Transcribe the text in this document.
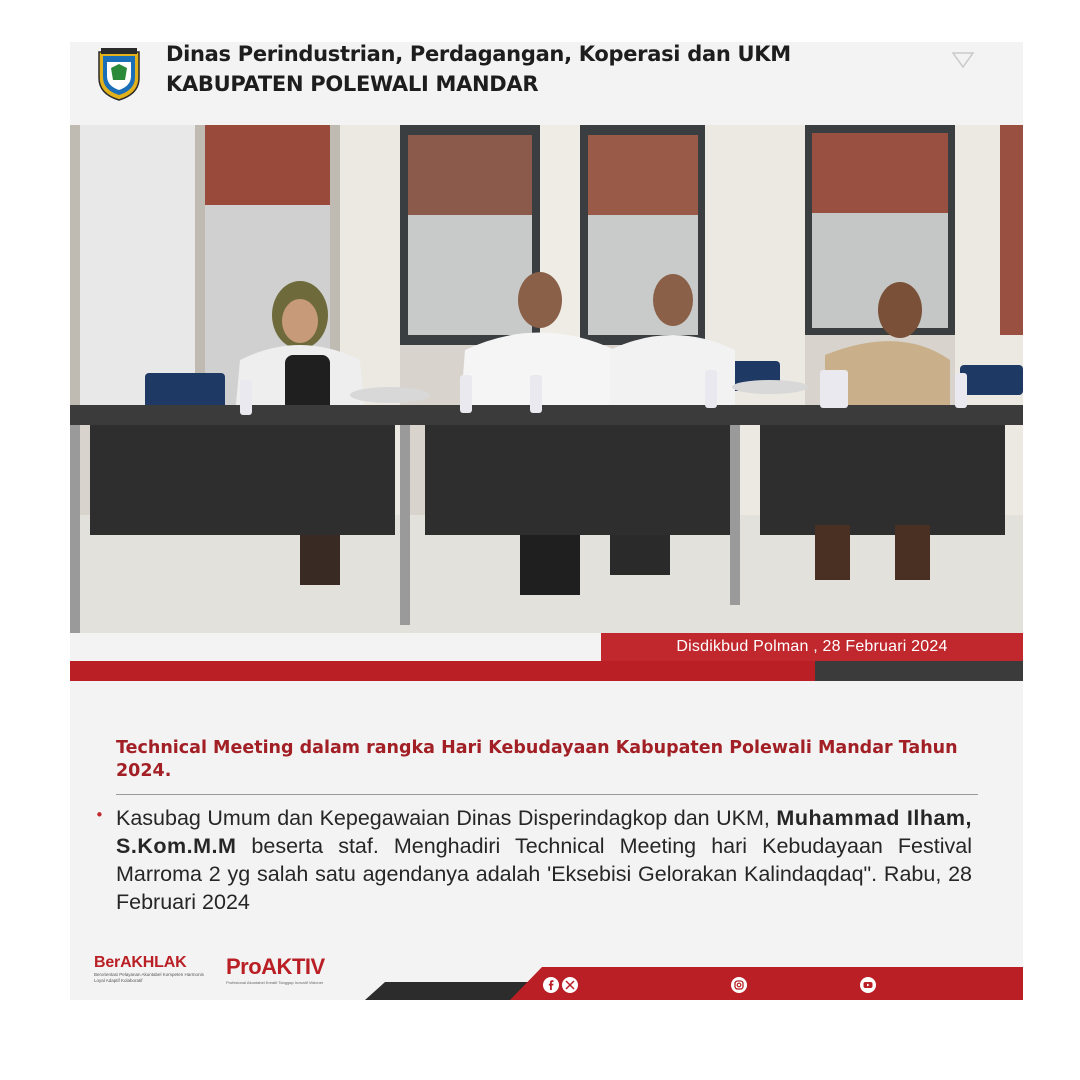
Dinas Perindustrian, Perdagangan, Koperasi dan UKM
KABUPATEN POLEWALI MANDAR
Disdikbud Polman , 28 Februari 2024
Technical Meeting dalam rangka Hari Kebudayaan Kabupaten Polewali Mandar Tahun 2024.
• Kasubag Umum dan Kepegawaian Dinas Disperindagkop dan UKM, Muhammad Ilham, S.Kom.M.M beserta staf. Menghadiri Technical Meeting hari Kebudayaan Festival Marroma 2 yg salah satu agendanya adalah 'Eksebisi Gelorakan Kalindaqdaq". Rabu, 28 Februari 2024
BerAKHLAK
Berorientasi Pelayanan Akuntabel Kompeten Harmonis Loyal Adaptif Kolaboratif
ProAKTIV
Profesional Akuntabel Kreatif Tanggap Inovatif Visioner
